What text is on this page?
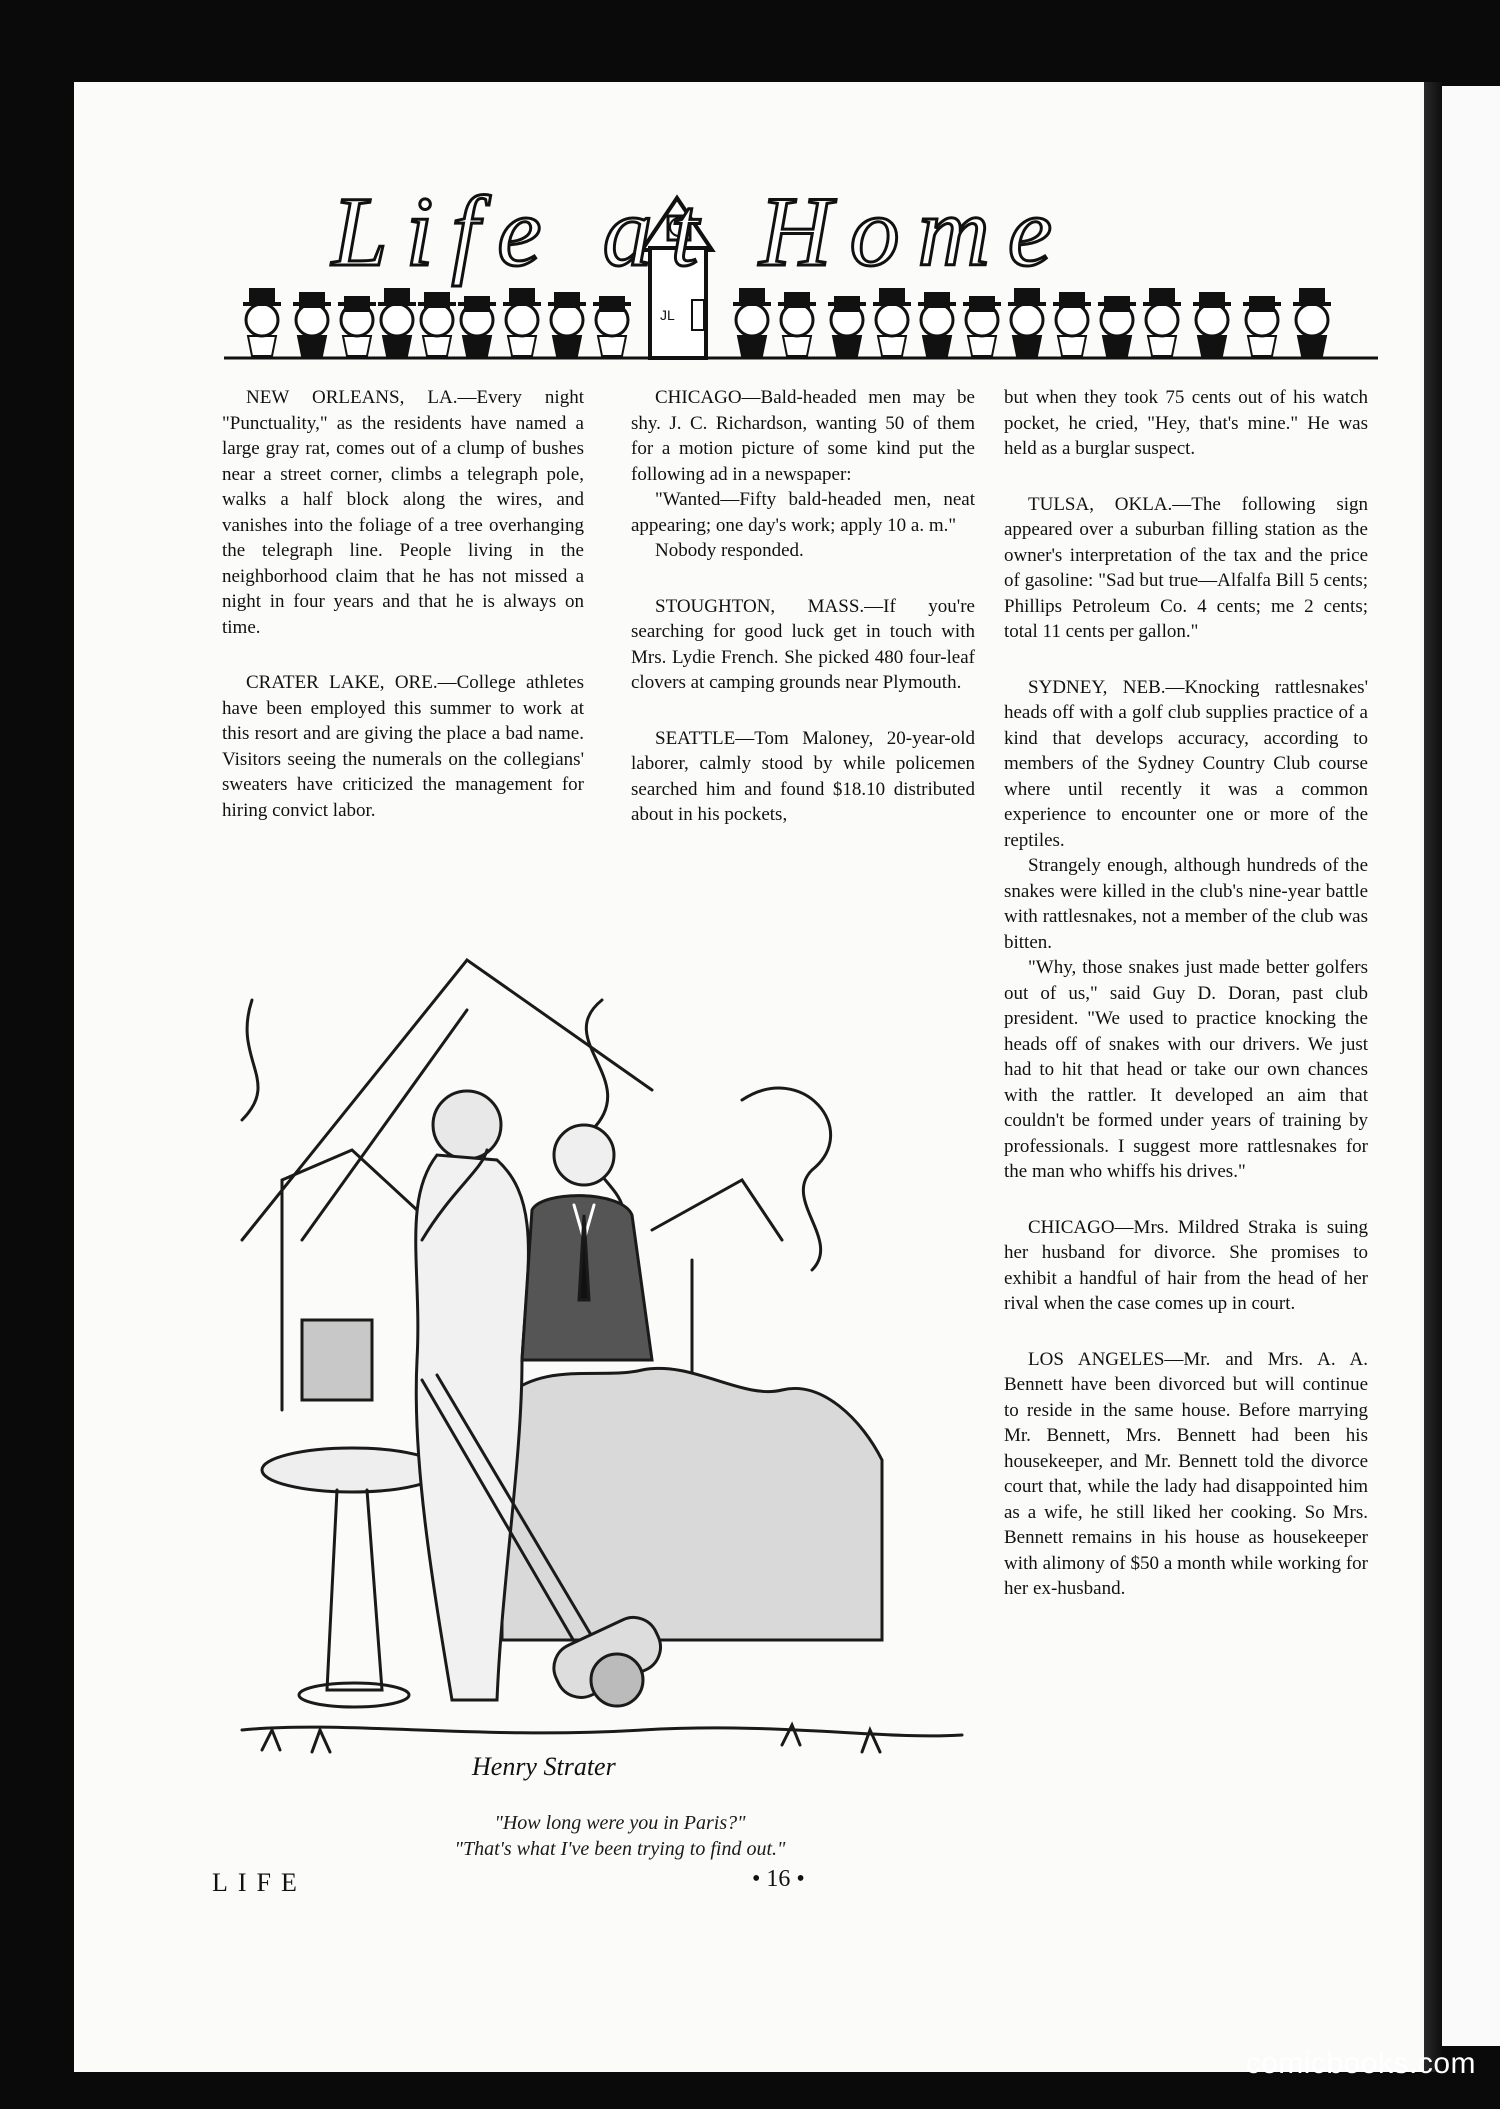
JL
Life at Home

NEW ORLEANS, LA.—Every night "Punctuality," as the residents have named a large gray rat, comes out of a clump of bushes near a street corner, climbs a telegraph pole, walks a half block along the wires, and vanishes into the foliage of a tree overhanging the telegraph line. People living in the neighborhood claim that he has not missed a night in four years and that he is always on time.

CRATER LAKE, ORE.—College athletes have been employed this summer to work at this resort and are giving the place a bad name. Visitors seeing the numerals on the collegians' sweaters have criticized the management for hiring convict labor.

CHICAGO—Bald-headed men may be shy. J. C. Richardson, wanting 50 of them for a motion picture of some kind put the following ad in a newspaper:

"Wanted—Fifty bald-headed men, neat appearing; one day's work; apply 10 a. m."

Nobody responded.

STOUGHTON, MASS.—If you're searching for good luck get in touch with Mrs. Lydie French. She picked 480 four-leaf clovers at camping grounds near Plymouth.

SEATTLE—Tom Maloney, 20-year-old laborer, calmly stood by while policemen searched him and found $18.10 distributed about in his pockets,

but when they took 75 cents out of his watch pocket, he cried, "Hey, that's mine." He was held as a burglar suspect.

TULSA, OKLA.—The following sign appeared over a suburban filling station as the owner's interpretation of the tax and the price of gasoline: "Sad but true—Alfalfa Bill 5 cents; Phillips Petroleum Co. 4 cents; me 2 cents; total 11 cents per gallon."

SYDNEY, NEB.—Knocking rattlesnakes' heads off with a golf club supplies practice of a kind that develops accuracy, according to members of the Sydney Country Club course where until recently it was a common experience to encounter one or more of the reptiles.

Strangely enough, although hundreds of the snakes were killed in the club's nine-year battle with rattlesnakes, not a member of the club was bitten.

"Why, those snakes just made better golfers out of us," said Guy D. Doran, past club president. "We used to practice knocking the heads off of snakes with our drivers. We just had to hit that head or take our own chances with the rattler. It developed an aim that couldn't be formed under years of training by professionals. I suggest more rattlesnakes for the man who whiffs his drives."

CHICAGO—Mrs. Mildred Straka is suing her husband for divorce. She promises to exhibit a handful of hair from the head of her rival when the case comes up in court.

LOS ANGELES—Mr. and Mrs. A. A. Bennett have been divorced but will continue to reside in the same house. Before marrying Mr. Bennett, Mrs. Bennett had been his housekeeper, and Mr. Bennett told the divorce court that, while the lady had disappointed him as a wife, he still liked her cooking. So Mrs. Bennett remains in his house as housekeeper with alimony of $50 a month while working for her ex-husband.

Henry Strater
"How long were you in Paris?"
"That's what I've been trying to find out."
LIFE	• 16 •
comicbooks.com
